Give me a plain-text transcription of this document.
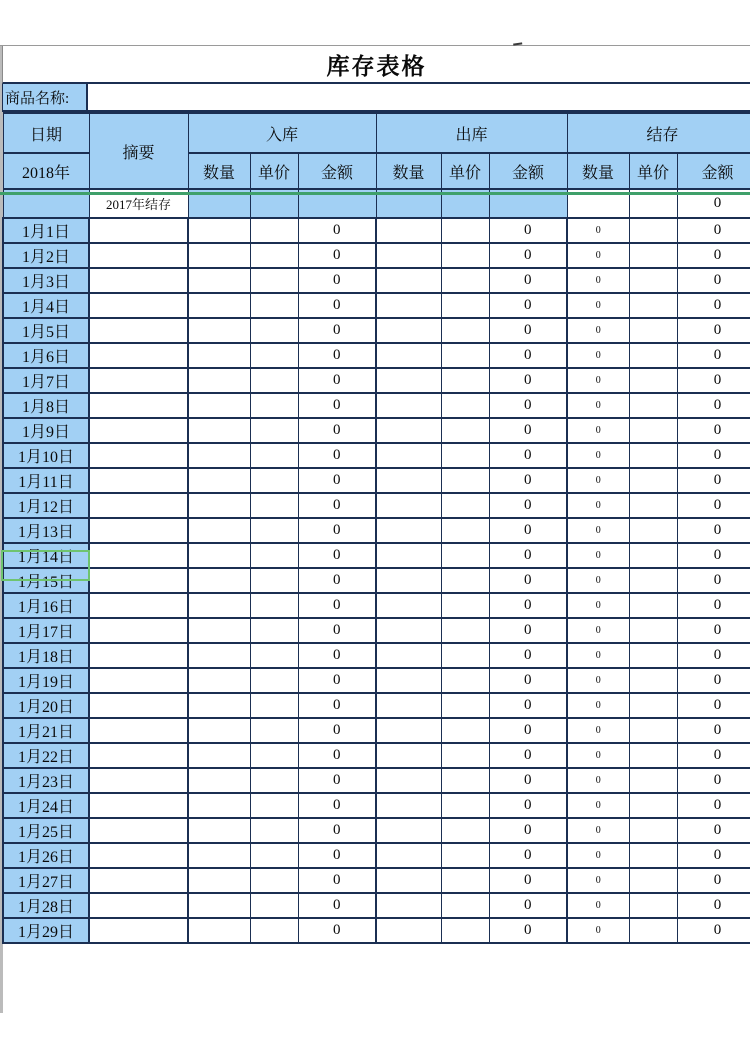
库存表格
商品名称:
日期	摘要	入库			出库			结存		
2018年		数量	单价	金额	数量	单价	金额	数量	单价	金额
	2017年结存									0
1月1日				0			0	0		0
1月2日				0			0	0		0
1月3日				0			0	0		0
1月4日				0			0	0		0
1月5日				0			0	0		0
1月6日				0			0	0		0
1月7日				0			0	0		0
1月8日				0			0	0		0
1月9日				0			0	0		0
1月10日				0			0	0		0
1月11日				0			0	0		0
1月12日				0			0	0		0
1月13日				0			0	0		0
1月14日				0			0	0		0
1月15日				0			0	0		0
1月16日				0			0	0		0
1月17日				0			0	0		0
1月18日				0			0	0		0
1月19日				0			0	0		0
1月20日				0			0	0		0
1月21日				0			0	0		0
1月22日				0			0	0		0
1月23日				0			0	0		0
1月24日				0			0	0		0
1月25日				0			0	0		0
1月26日				0			0	0		0
1月27日				0			0	0		0
1月28日				0			0	0		0
1月29日				0			0	0		0
